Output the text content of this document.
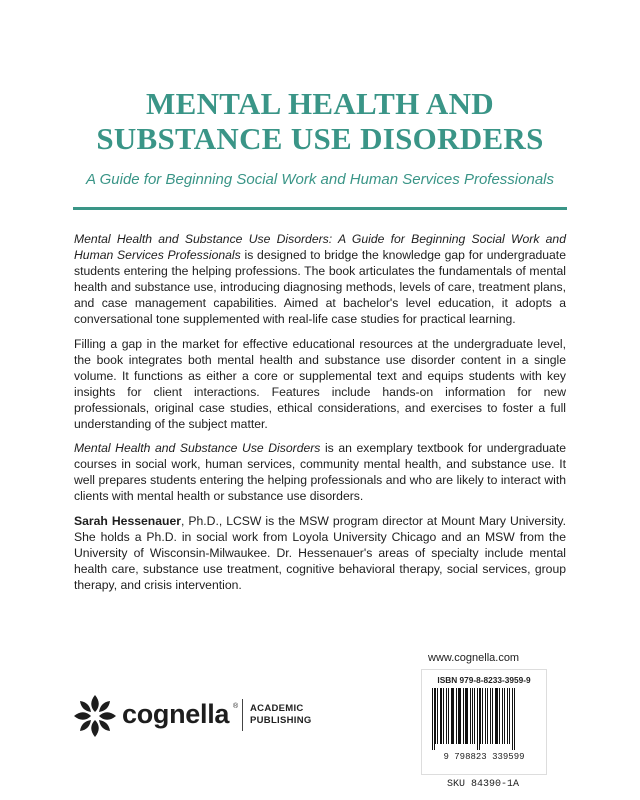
MENTAL HEALTH AND
SUBSTANCE USE DISORDERS

A Guide for Beginning Social Work and Human Services Professionals

Mental Health and Substance Use Disorders: A Guide for Beginning Social Work and Human Services Professionals is designed to bridge the knowledge gap for undergraduate students entering the helping professions. The book articulates the fundamentals of mental health and substance use, introducing diagnosing methods, levels of care, treatment plans, and case management capabilities. Aimed at bachelor's level education, it adopts a conversational tone supplemented with real-life case studies for practical learning.

Filling a gap in the market for effective educational resources at the undergraduate level, the book integrates both mental health and substance use disorder content in a single volume. It functions as either a core or supplemental text and equips students with key insights for client interactions. Features include hands-on information for new professionals, original case studies, ethical considerations, and exercises to foster a full understanding of the subject matter.

Mental Health and Substance Use Disorders is an exemplary textbook for undergraduate courses in social work, human services, community mental health, and substance use. It well prepares students entering the helping professionals and who are likely to interact with clients with mental health or substance use disorders.

Sarah Hessenauer, Ph.D., LCSW is the MSW program director at Mount Mary University. She holds a Ph.D. in social work from Loyola University Chicago and an MSW from the University of Wisconsin-Milwaukee. Dr. Hessenauer's areas of specialty include mental health care, substance use treatment, cognitive behavioral therapy, social services, group therapy, and crisis intervention.

cognella ® ACADEMIC
PUBLISHING
www.cognella.com
ISBN 979-8-8233-3959-9
9 798823 339599
SKU 84390-1A
